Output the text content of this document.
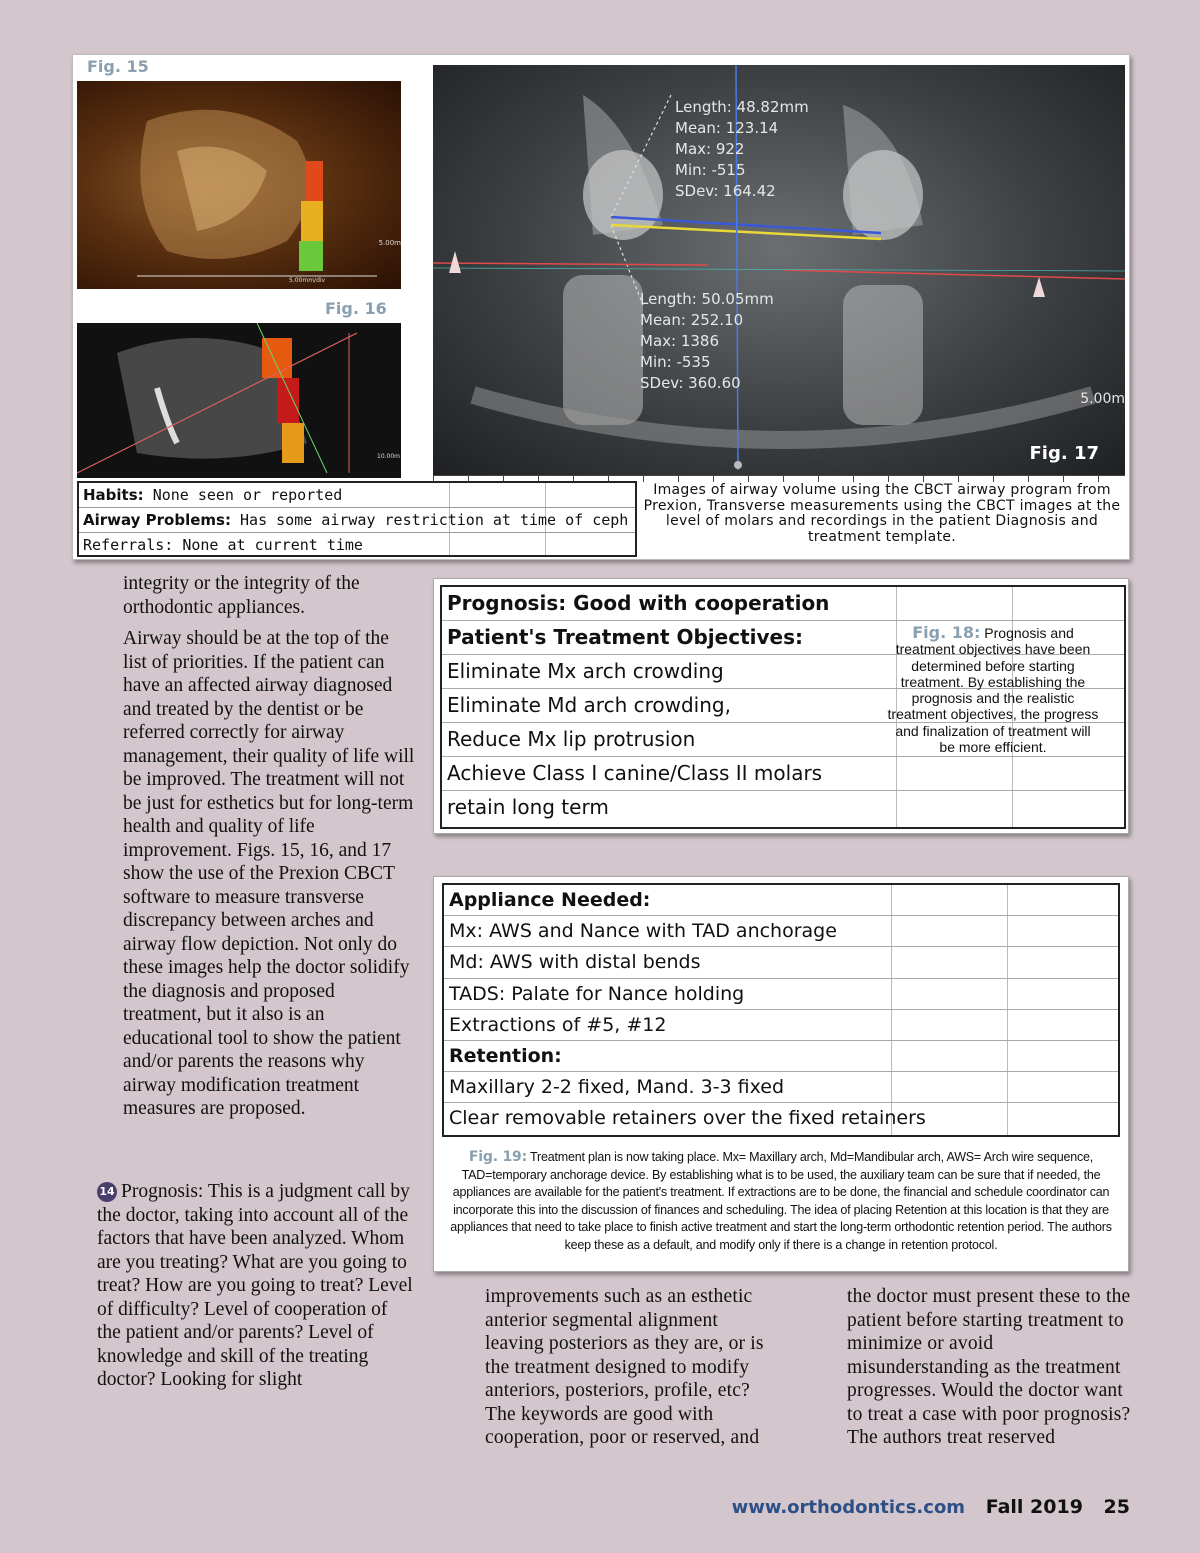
Fig. 15
5.00m
5.00mm/div
Fig. 16
10.00m
Length: 48.82mm
Mean: 123.14
Max: 922
Min: -515
SDev: 164.42
Length: 50.05mm
Mean: 252.10
Max: 1386
Min: -535
SDev: 360.60
5.00m
Fig. 17
Habits: None seen or reported
Airway Problems: Has some airway restriction at time of ceph
Referrals: None at current time
Images of airway volume using the CBCT airway program from Prexion, Transverse measurements using the CBCT images at the level of molars and recordings in the patient Diagnosis and treatment template.

integrity or the integrity of the orthodontic appliances.

Airway should be at the top of the list of priorities. If the patient can have an affected airway diagnosed and treated by the dentist or be referred correctly for airway management, their quality of life will be improved. The treatment will not be just for esthetics but for long-term health and quality of life improvement. Figs. 15, 16, and 17 show the use of the Prexion CBCT software to measure transverse discrepancy between arches and airway flow depiction. Not only do these images help the doctor solidify the diagnosis and proposed treatment, but it also is an educational tool to show the patient and/or parents the reasons why airway modification treatment measures are proposed.

14 Prognosis: This is a judgment call by the doctor, taking into account all of the factors that have been analyzed. Whom are you treating? What are you going to treat? How are you going to treat? Level of difficulty? Level of cooperation of the patient and/or parents? Level of knowledge and skill of the treating doctor? Looking for slight

Prognosis: Good with cooperation
Patient's Treatment Objectives:
Eliminate Mx arch crowding
Eliminate Md arch crowding,
Reduce Mx lip protrusion
Achieve Class I canine/Class II molars
retain long term
Fig. 18: Prognosis and treatment objectives have been determined before starting treatment. By establishing the prognosis and the realistic treatment objectives, the progress and finalization of treatment will be more efficient.
Appliance Needed:
Mx: AWS and Nance with TAD anchorage
Md: AWS with distal bends
TADS: Palate for Nance holding
Extractions of #5, #12
Retention:
Maxillary 2-2 fixed, Mand. 3-3 fixed
Clear removable retainers over the fixed retainers
Fig. 19: Treatment plan is now taking place. Mx= Maxillary arch, Md=Mandibular arch, AWS= Arch wire sequence, TAD=temporary anchorage device. By establishing what is to be used, the auxiliary team can be sure that if needed, the appliances are available for the patient's treatment. If extractions are to be done, the financial and schedule coordinator can incorporate this into the discussion of finances and scheduling. The idea of placing Retention at this location is that they are appliances that need to take place to finish active treatment and start the long-term orthodontic retention period. The authors keep these as a default, and modify only if there is a change in retention protocol.
improvements such as an esthetic anterior segmental alignment leaving posteriors as they are, or is the treatment designed to modify anteriors, posteriors, profile, etc? The keywords are good with cooperation, poor or reserved, and
the doctor must present these to the patient before starting treatment to minimize or avoid misunderstanding as the treatment progresses. Would the doctor want to treat a case with poor prognosis? The authors treat reserved
www.orthodontics.com Fall 2019 25
